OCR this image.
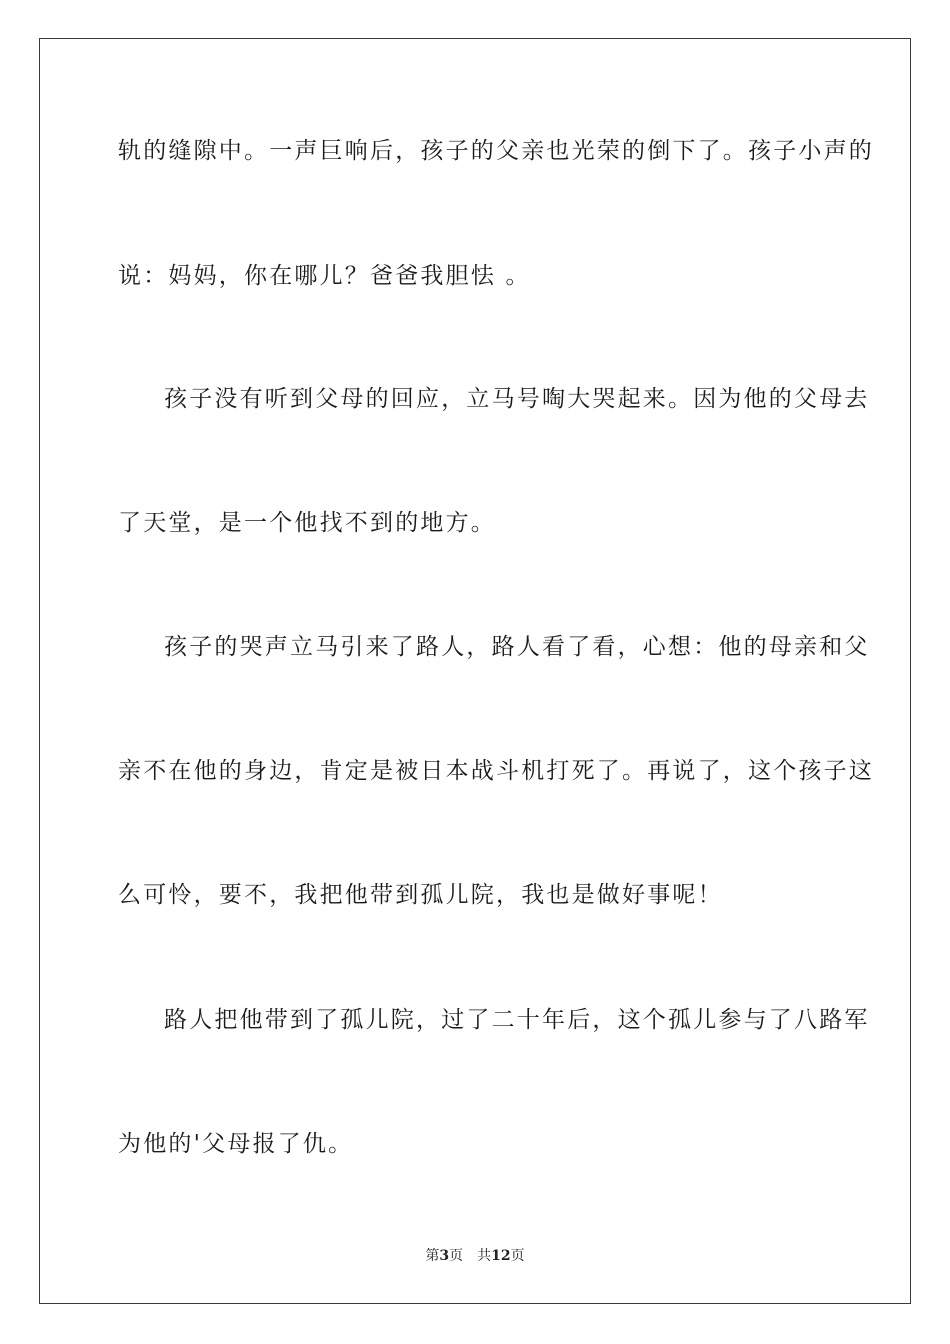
轨的缝隙中。一声巨响后，孩子的父亲也光荣的倒下了。孩子小声的
说：妈妈，你在哪儿？爸爸我胆怯 。
孩子没有听到父母的回应，立马号啕大哭起来。因为他的父母去
了天堂，是一个他找不到的地方。
孩子的哭声立马引来了路人，路人看了看，心想：他的母亲和父
亲不在他的身边，肯定是被日本战斗机打死了。再说了，这个孩子这
么可怜，要不，我把他带到孤儿院，我也是做好事呢！
路人把他带到了孤儿院，过了二十年后，这个孤儿参与了八路军
为他的'父母报了仇。
第3页 共12页
